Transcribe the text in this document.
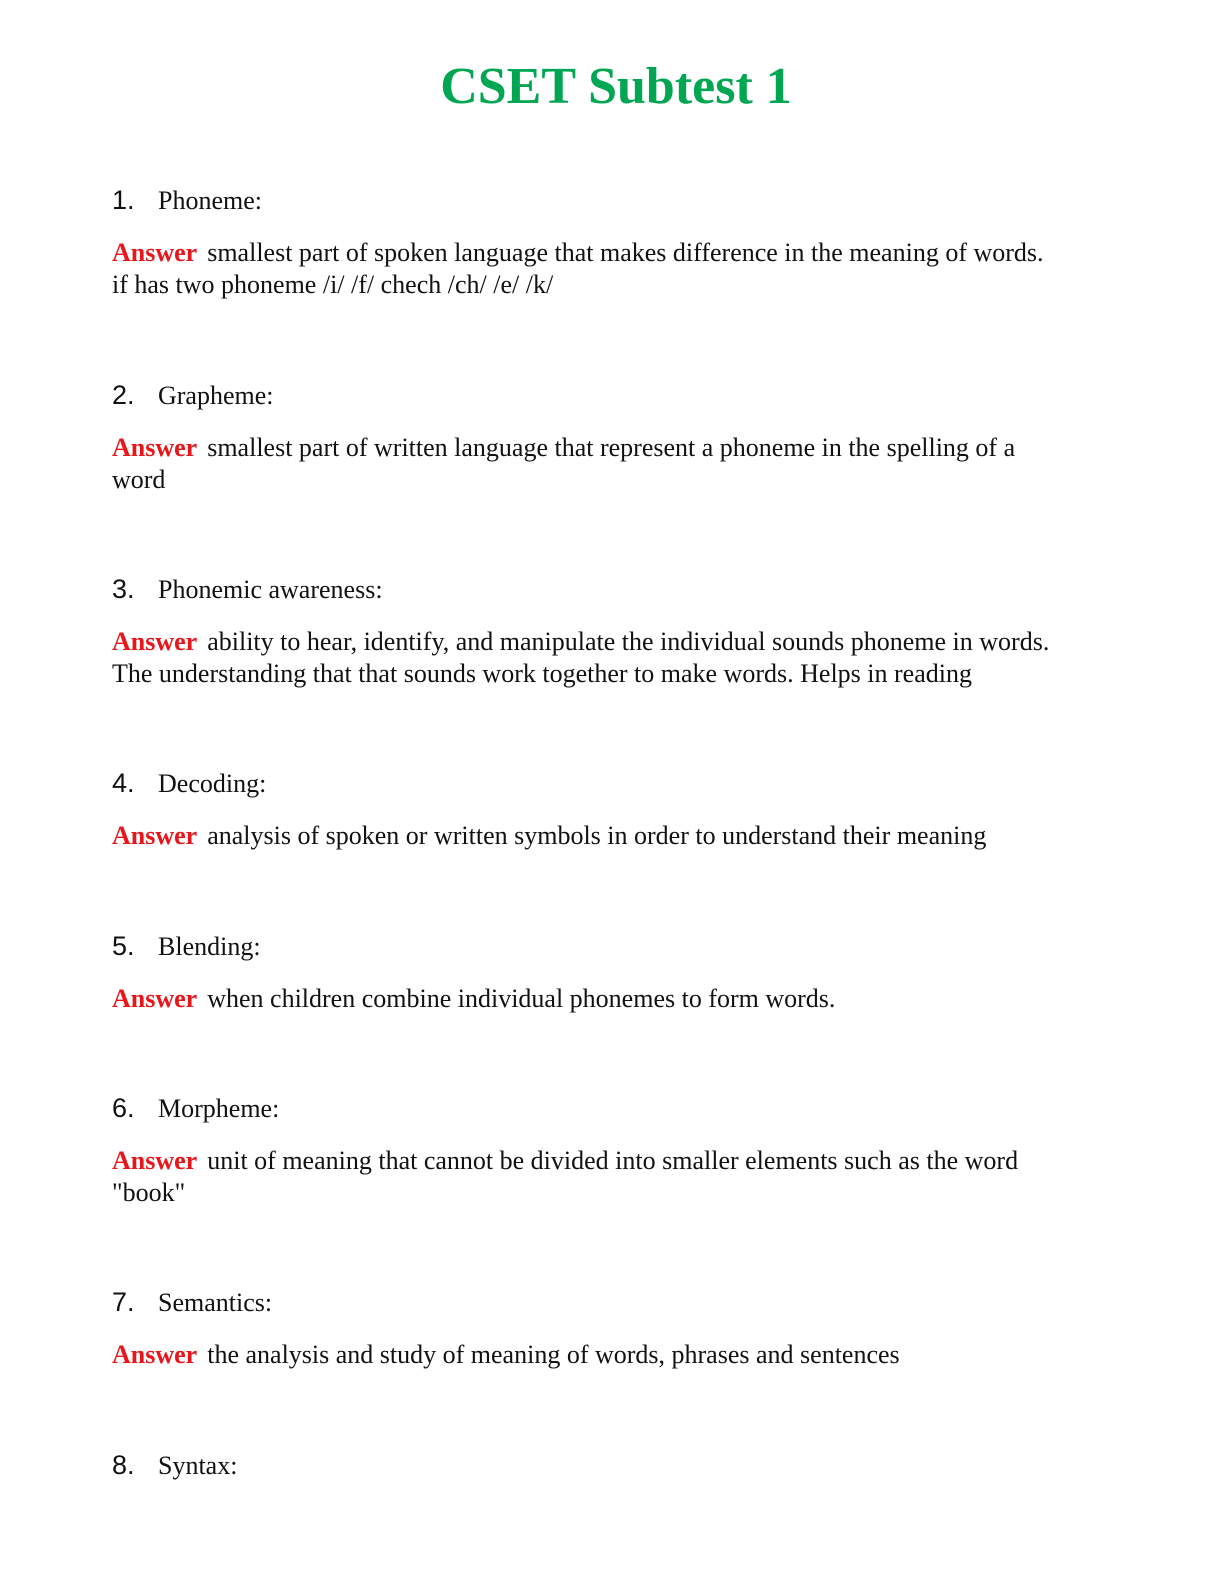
CSET Subtest 1
1. Phoneme:

Answer smallest part of spoken language that makes difference in the meaning of words.
if has two phoneme /i/ /f/ chech /ch/ /e/ /k/

2. Grapheme:

Answer smallest part of written language that represent a phoneme in the spelling of a
word

3. Phonemic awareness:

Answer ability to hear, identify, and manipulate the individual sounds phoneme in words.
The understanding that that sounds work together to make words. Helps in reading

4. Decoding:

Answer analysis of spoken or written symbols in order to understand their meaning

5. Blending:

Answer when children combine individual phonemes to form words.

6. Morpheme:

Answer unit of meaning that cannot be divided into smaller elements such as the word
"book"

7. Semantics:

Answer the analysis and study of meaning of words, phrases and sentences

8. Syntax:
